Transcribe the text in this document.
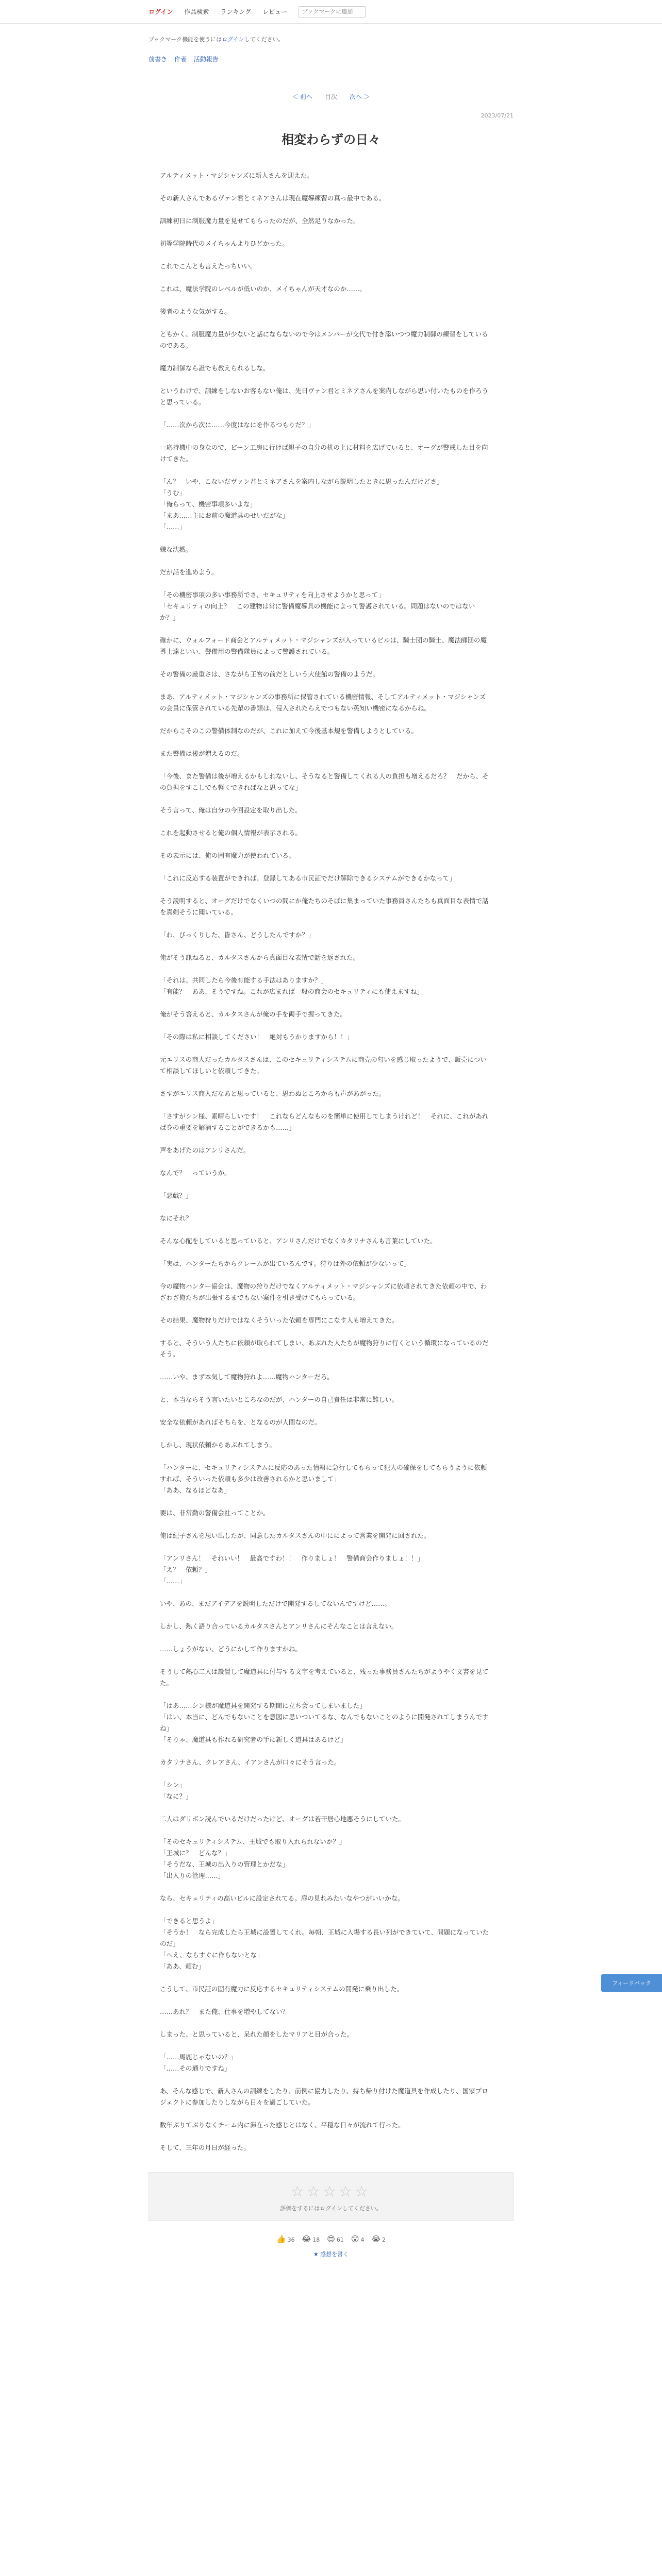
ログイン 作品検索 ランキング レビュー
ブックマークに追加
ブックマーク機能を使うにはログインしてください。
前書き 作者 活動報告
＜ 前へ 目次 次へ ＞
2023/07/21
相変わらずの日々

アルティメット・マジシャンズに新人さんを迎えた。

その新人さんであるヴァン君とミネアさんは現在魔導練習の真っ最中である。

訓練初日に制服魔力量を見せてもらったのだが、全然足りなかった。

初等学院時代のメイちゃんよりひどかった。

これでこんとも言えたっちいい。

これは、魔法学院のレベルが低いのか、メイちゃんが天才なのか……。

後者のような気がする。

ともかく、制服魔力量が少ないと話にならないので今はメンバーが交代で付き添いつつ魔力制御の練習をしているのである。

魔力制御なら誰でも教えられるしな。

というわけで、訓練をしないお客もない俺は、先日ヴァン君とミネアさんを案内しながら思い付いたものを作ろうと思っている。

「……次から次に……今度はなにを作るつもりだ？」

一応持機中の身なので、ビーン工房に行けば親子の自分の机の上に材料を広げていると、オーグが警戒した目を向けてきた。

「ん？　いや、こないだヴァン君とミネアさんを案内しながら説明したときに思ったんだけどさ」
「うむ」
「俺らって、機密事項多いよな」
「まあ……主にお前の魔道具のせいだがな」
「……」

嫌な沈黙。

だが話を進めよう。

「その機密事項の多い事務所でさ、セキュリティを向上させようかと思って」
「セキュリティの向上？　この建物は常に警備魔導具の機能によって警護されている。問題はないのではないか？」

確かに、ウォルフォード商会とアルティメット・マジシャンズが入っているビルは、騎士団の騎士、魔法師団の魔導士達といい、警備用の警備隊員によって警護されている。

その警備の厳重さは、さながら王宮の前だとしいう大使館の警備のようだ。

まあ、アルティメット・マジシャンズの事務所に保管されている機密情報、そしてアルティメット・マジシャンズの会員に保管されている先輩の書類は、侵入されたらえでつもない英知い機密になるからね。

だからこそのこの警備体制なのだが、これに加えて今後基本規を警備しようとしている。

また警備は後が増えるのだ。

「今後、また警備は後が増えるかもしれないし、そうなると警備してくれる人の負担も増えるだろ？　だから、その負担をすこしでも軽くできればなと思ってな」

そう言って、俺は自分の今回設定を取り出した。

これを起動させると俺の個人情報が表示される。

その表示には、俺の固有魔力が使われている。

「これに反応する装置ができれば、登録してある市民証でだけ解除できるシステムができるかなって」

そう説明すると、オーグだけでなくいつの間にか俺たちのそばに集まっていた事務員さんたちも真面目な表情で話を真剣そうに聞いている。

「わ、びっくりした、皆さん、どうしたんですか？」

俺がそう訊ねると、カルタスさんから真面目な表情で話を返された。

「それは、共同したら今後有能する手法はありますか？」
「有能？　ああ、そうですね。これが広まれば一般の商会のセキュリティにも使えますね」

俺がそう答えると、カルタスさんが俺の手を両手で握ってきた。

「その際は私に相談してください！　絶対もうかりますから！！」

元エリスの商人だったカルタスさんは、このセキュリティシステムに商売の匂いを感じ取ったようで、販売について相談してほしいと依頼してきた。

さすがエリス商人だなあと思っていると、思わぬところからも声があがった。

「さすがシン様、素晴らしいです！　これならどんなものを簡単に使用してしまうけれど！　それに、これがあれば身の重要を解消することができるかも……」

声をあげたのはアンリさんだ。

なんで？　っていうか。

「悪戯？」

なにそれ？

そんな心配をしていると思っていると、アンリさんだけでなくカタリナさんも言葉にしていた。

「実は、ハンターたちからクレームが出ているんです。狩りは外の依頼が少ないって」

今の魔物ハンター協会は、魔物の狩りだけでなくアルティメット・マジシャンズに依頼されてきた依頼の中で、わざわざ俺たちが出張するまでもない案件を引き受けてもらっている。

その結果、魔物狩りだけではなくそういった依頼を専門にこなす人も増えてきた。

すると、そういう人たちに依頼が取られてしまい、あぶれた人たちが魔物狩りに行くという循環になっているのだそう。

……いや、まず本気して魔物狩れよ……魔物ハンターだろ。

と、本当ならそう言いたいところなのだが、ハンターの自己責任は非常に難しい。

安全な依頼があればそちらを、となるのが人間なのだ。

しかし、現状依頼からあぶれてしまう。

「ハンターに、セキュリティシステムに反応のあった情報に急行してもらって犯人の確保をしてもらうように依頼すれば、そういった依頼も多少は改善されるかと思いまして」
「ああ、なるほどなあ」

要は、非常勤の警備会社ってことか。

俺は紀子さんを思い出したが、同意したカルタスさんの中にによって営業を開発に回された。

「アンリさん！　それいい！　最高ですわ！！　作りましょ！　警備商会作りましょ！！」
「え？　依頼？」
「……」

いや、あの、まだアイデアを説明しただけで開発するしてないんですけど……。

しかし、熱く語り合っているカルタスさんとアンリさんにそんなことは言えない。

……しょうがない、どうにかして作りますかね。

そうして熱心二人は設置して魔道具に付与する文字を考えていると、残った事務員さんたちがようやく文書を見てた。

「はあ……シン様が魔道具を開発する期間に立ち会ってしまいました」
「はい、本当に、どんでもないことを意図に思いついてるな、なんでもないことのように開発されてしまうんですね」
「そりゃ、魔道具も作れる研究者の手に新しく道具はあるけど」

カタリナさん、クレアさん、イアンさんが口々にそう言った。

「シン」
「なに？」

二人はダリボン読んでいるだけだったけど、オーグは若干居心地悪そうにしていた。

「そのセキュリティシステム、王城でも取り入れられないか？」
「王城に？　どんな？」
「そうだな、王城の出入りの管理とかだな」
「出入りの管理……」

なら、セキュリティの高いビルに設定されてる。扉の見れみたいなやつがいいかな。

「できると思うよ」
「そうか！　なら完成したら王城に設置してくれ。毎朝、王城に入場する長い列ができていて、問題になっていたのだ」
「へえ、ならすぐに作らないとな」
「ああ、頼む」

こうして、市民証の固有魔力に反応するセキュリティシステムの開発に乗り出した。

……あれ？　また俺、仕事を増やしてない？

しまった、と思っていると、呆れた顔をしたマリアと目が合った。

「……馬鹿じゃないの？」
「……その通りですね」

あ、そんな感じで、新人さんの訓練をしたり、前例に協力したり、持ち帰り付けた魔道具を作成したり、国家プロジェクトに参加したりしながら日々を過ごしていた。

数年ぶりてぶりなくチーム内に滞在った感じとはなく、平穏な日々が流れて行った。

そして、三年の月日が経った。

☆☆☆☆☆
評価をするにはログインしてください。
👍 36 😂 18 😍 61 😮 4 😭 2
★ 感想を書く
フィードバック
